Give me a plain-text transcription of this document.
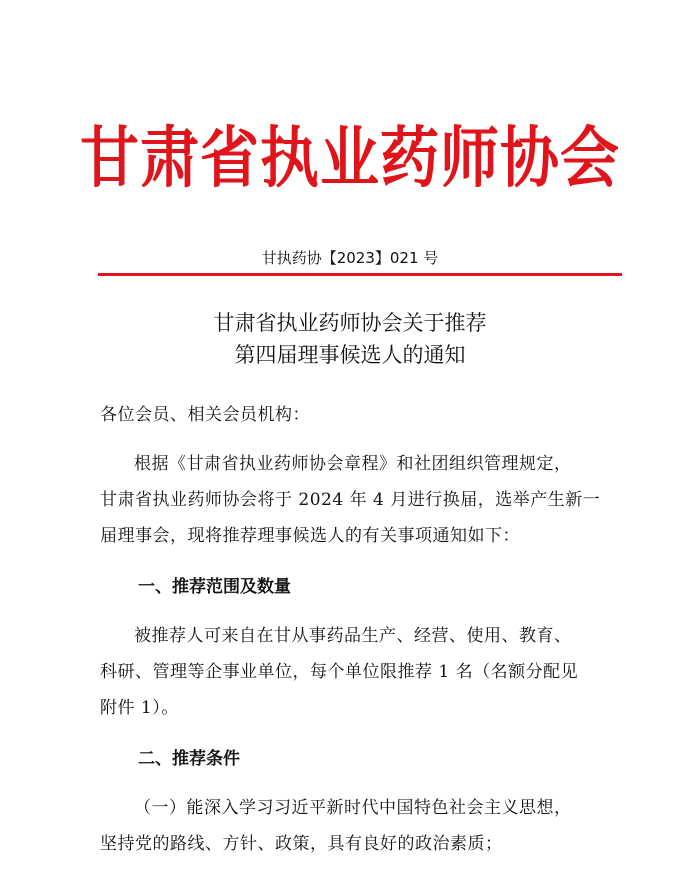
甘肃省执业药师协会
甘执药协【2023】021 号
甘肃省执业药师协会关于推荐
第四届理事候选人的通知
各位会员、相关会员机构：
根据《甘肃省执业药师协会章程》和社团组织管理规定，
甘肃省执业药师协会将于 2024 年 4 月进行换届，选举产生新一
届理事会，现将推荐理事候选人的有关事项通知如下：
一、推荐范围及数量
被推荐人可来自在甘从事药品生产、经营、使用、教育、
科研、管理等企事业单位，每个单位限推荐 1 名（名额分配见
附件 1）。
二、推荐条件
（一）能深入学习习近平新时代中国特色社会主义思想，
坚持党的路线、方针、政策，具有良好的政治素质；
